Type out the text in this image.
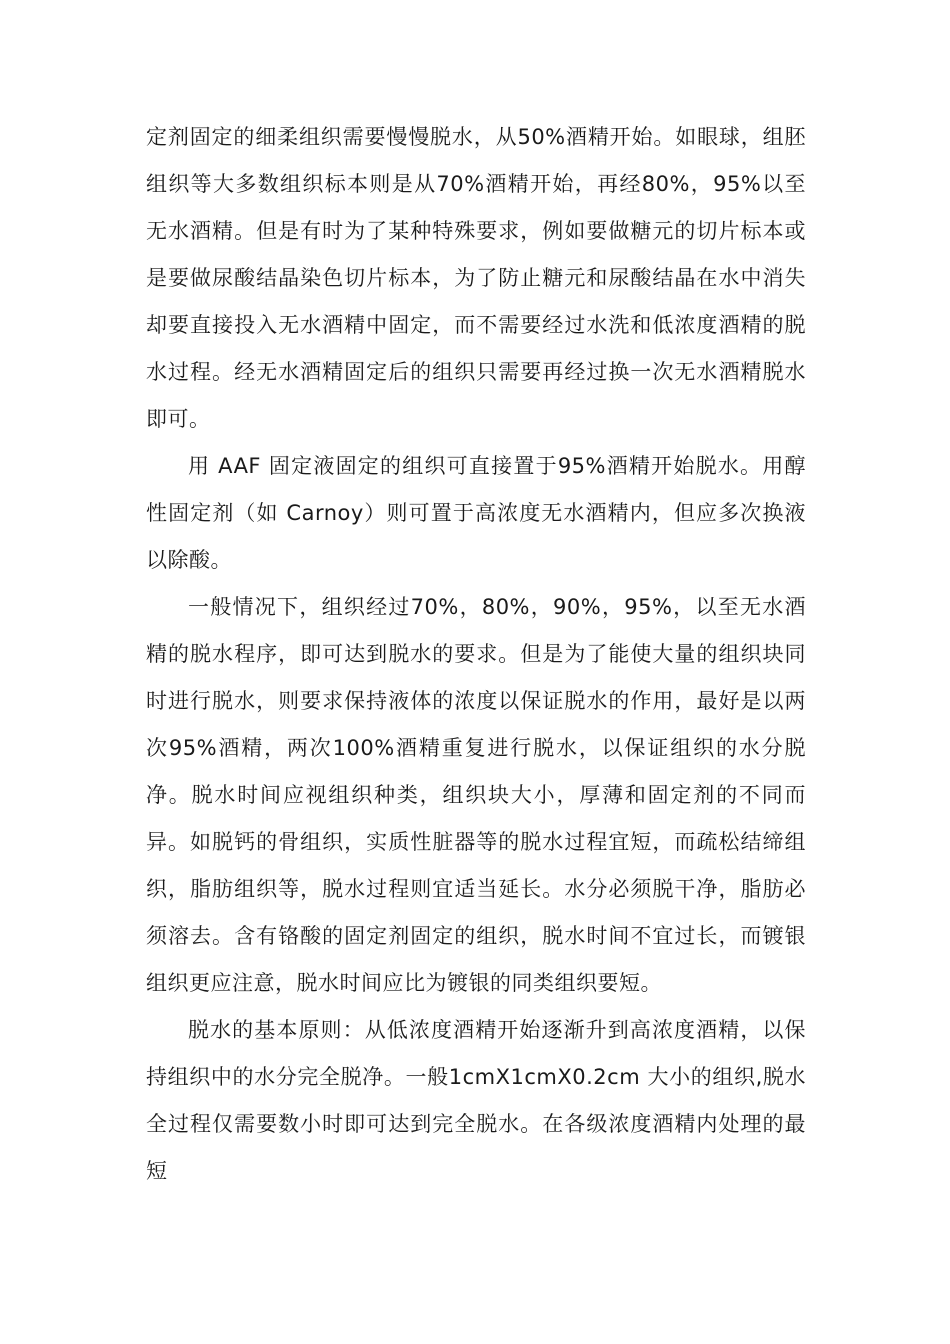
定剂固定的细柔组织需要慢慢脱水，从50%酒精开始。如眼球，组胚组织等大多数组织标本则是从70%酒精开始，再经80%，95%以至无水酒精。但是有时为了某种特殊要求，例如要做糖元的切片标本或是要做尿酸结晶染色切片标本，为了防止糖元和尿酸结晶在水中消失却要直接投入无水酒精中固定，而不需要经过水洗和低浓度酒精的脱水过程。经无水酒精固定后的组织只需要再经过换一次无水酒精脱水即可。

用 AAF 固定液固定的组织可直接置于95%酒精开始脱水。用醇性固定剂（如 Carnoy）则可置于高浓度无水酒精内，但应多次换液以除酸。

一般情况下，组织经过70%，80%，90%，95%，以至无水酒精的脱水程序，即可达到脱水的要求。但是为了能使大量的组织块同时进行脱水，则要求保持液体的浓度以保证脱水的作用，最好是以两次95%酒精，两次100%酒精重复进行脱水，以保证组织的水分脱净。脱水时间应视组织种类，组织块大小，厚薄和固定剂的不同而异。如脱钙的骨组织，实质性脏器等的脱水过程宜短，而疏松结缔组织，脂肪组织等，脱水过程则宜适当延长。水分必须脱干净，脂肪必须溶去。含有铬酸的固定剂固定的组织，脱水时间不宜过长，而镀银组织更应注意，脱水时间应比为镀银的同类组织要短。

脱水的基本原则：从低浓度酒精开始逐渐升到高浓度酒精，以保持组织中的水分完全脱净。一般1cmX1cmX0.2cm 大小的组织,脱水全过程仅需要数小时即可达到完全脱水。在各级浓度酒精内处理的最短
